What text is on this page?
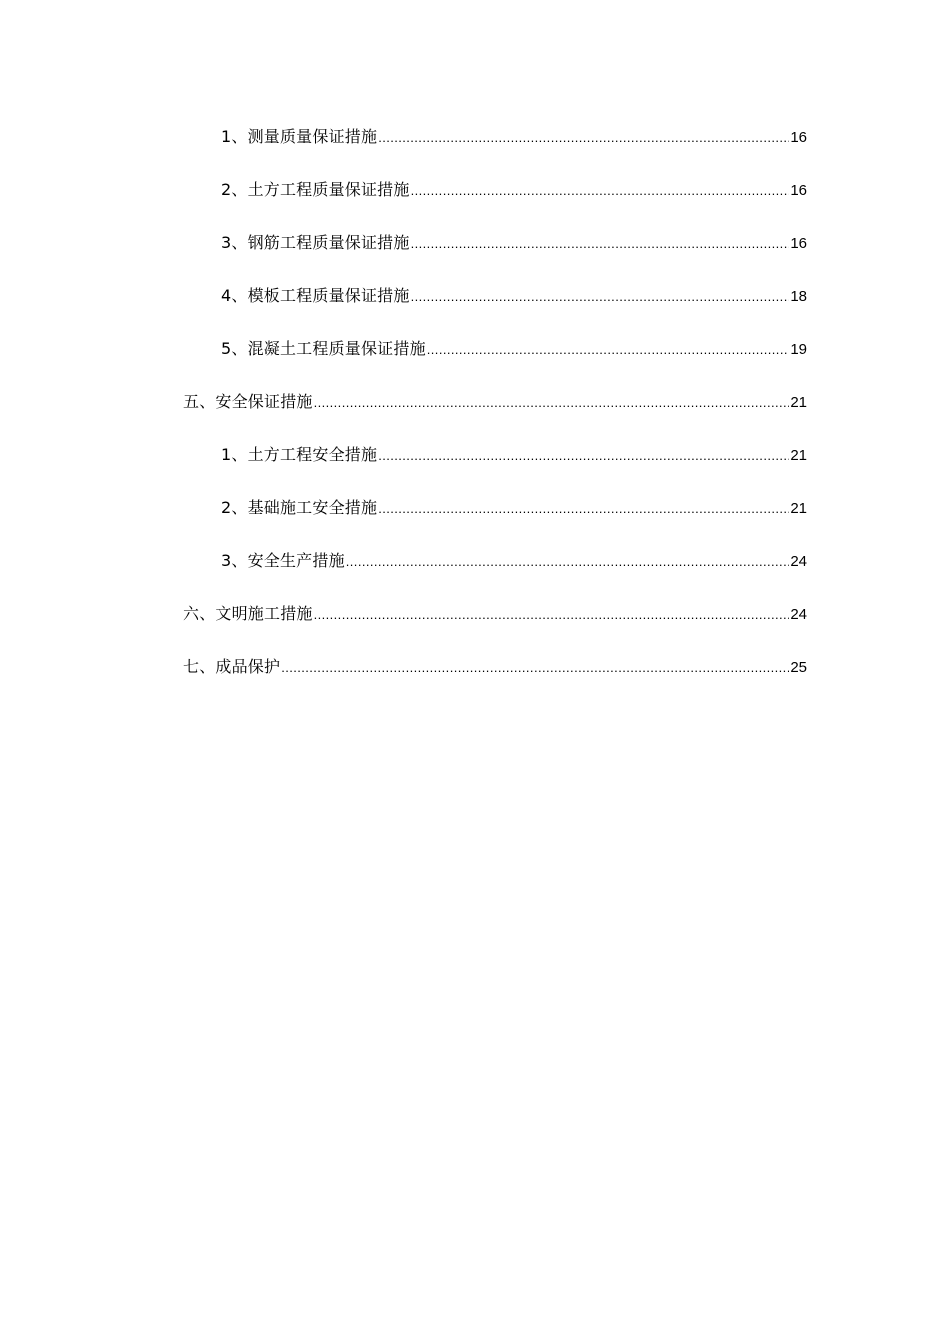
1、测量质量保证措施 .....	16
2、土方工程质量保证措施 .....	16
3、钢筋工程质量保证措施 .....	16
4、模板工程质量保证措施 .....	18
5、混凝土工程质量保证措施 .....	19
五、安全保证措施 .....	21
1、土方工程安全措施 .....	21
2、基础施工安全措施 .....	21
3、安全生产措施 .....	24
六、文明施工措施 .....	24
七、成品保护 .....	25
